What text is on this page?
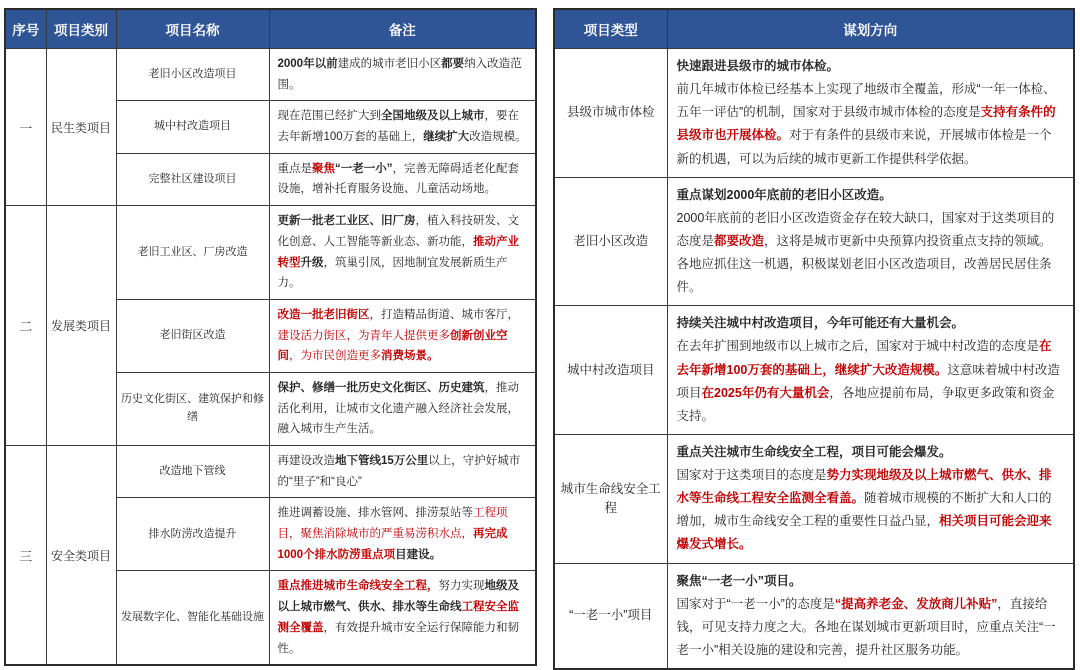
序号	项目类别	项目名称	备注
一	民生类项目	老旧小区改造项目	2000年以前建成的城市老旧小区都要纳入改造范围。
		城中村改造项目	现在范围已经扩大到全国地级及以上城市，要在去年新增100万套的基础上，继续扩大改造规模。
		完整社区建设项目	重点是聚焦“一老一小”，完善无障碍适老化配套设施，增补托育服务设施、儿童活动场地。
二	发展类项目	老旧工业区、厂房改造	更新一批老工业区、旧厂房，植入科技研发、文化创意、人工智能等新业态、新功能，推动产业转型升级，筑巢引凤，因地制宜发展新质生产力。
		老旧街区改造	改造一批老旧街区，打造精品街道、城市客厅，建设活力街区，为青年人提供更多创新创业空间，为市民创造更多消费场景。
		历史文化街区、建筑保护和修缮	保护、修缮一批历史文化街区、历史建筑，推动活化利用，让城市文化遗产融入经济社会发展，融入城市生产生活。
三	安全类项目	改造地下管线	再建设改造地下管线15万公里以上，守护好城市的“里子”和“良心”
		排水防涝改造提升	推进调蓄设施、排水管网、排涝泵站等工程项目，聚焦消除城市的严重易涝积水点，再完成1000个排水防涝重点项目建设。
		发展数字化、智能化基础设施	重点推进城市生命线安全工程，努力实现地级及以上城市燃气、供水、排水等生命线工程安全监测全覆盖，有效提升城市安全运行保障能力和韧性。
项目类型	谋划方向
县级市城市体检	快速跟进县级市的城市体检。
前几年城市体检已经基本上实现了地级市全覆盖，形成“一年一体检、五年一评估”的机制，国家对于县级市城市体检的态度是支持有条件的县级市也开展体检。对于有条件的县级市来说，开展城市体检是一个新的机遇，可以为后续的城市更新工作提供科学依据。

老旧小区改造	重点谋划2000年底前的老旧小区改造。
2000年底前的老旧小区改造资金存在较大缺口，国家对于这类项目的态度是都要改造，这将是城市更新中央预算内投资重点支持的领域。各地应抓住这一机遇，积极谋划老旧小区改造项目，改善居民居住条件。

城中村改造项目	持续关注城中村改造项目，今年可能还有大量机会。
在去年扩围到地级市以上城市之后，国家对于城中村改造的态度是在去年新增100万套的基础上，继续扩大改造规模。这意味着城中村改造项目在2025年仍有大量机会，各地应提前布局，争取更多政策和资金支持。

城市生命线安全工程	重点关注城市生命线安全工程，项目可能会爆发。
国家对于这类项目的态度是势力实现地级及以上城市燃气、供水、排水等生命线工程安全监测全看盖。随着城市规模的不断扩大和人口的增加，城市生命线安全工程的重要性日益凸显，相关项目可能会迎来爆发式增长。

“一老一小”项目	聚焦“一老一小”项目。
国家对于“一老一小”的态度是“提高养老金、发放商儿补贴”，直接给钱，可见支持力度之大。各地在谋划城市更新项目时，应重点关注“一老一小”相关设施的建设和完善，提升社区服务功能。
